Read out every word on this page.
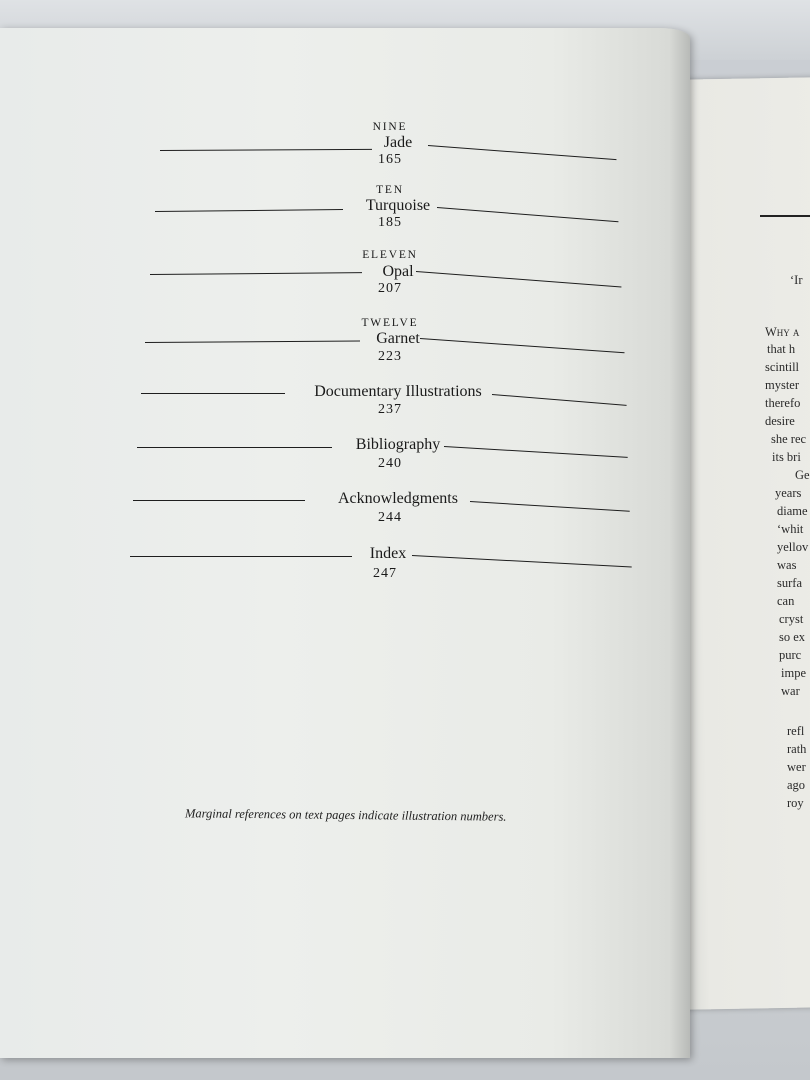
‘Ir
Why a
that h
scintill
myster
therefo
desire
she rec
its bri
Ge
years
diame
‘whit
yellov
was
surfa
can
cryst
so ex
purc
impe
war
refl
rath
wer
ago
roy
NINE
Jade
165
TEN
Turquoise
185
ELEVEN
Opal
207
TWELVE
Garnet
223
Documentary Illustrations
237
Bibliography
240
Acknowledgments
244
Index
247
Marginal references on text pages indicate illustration numbers.
